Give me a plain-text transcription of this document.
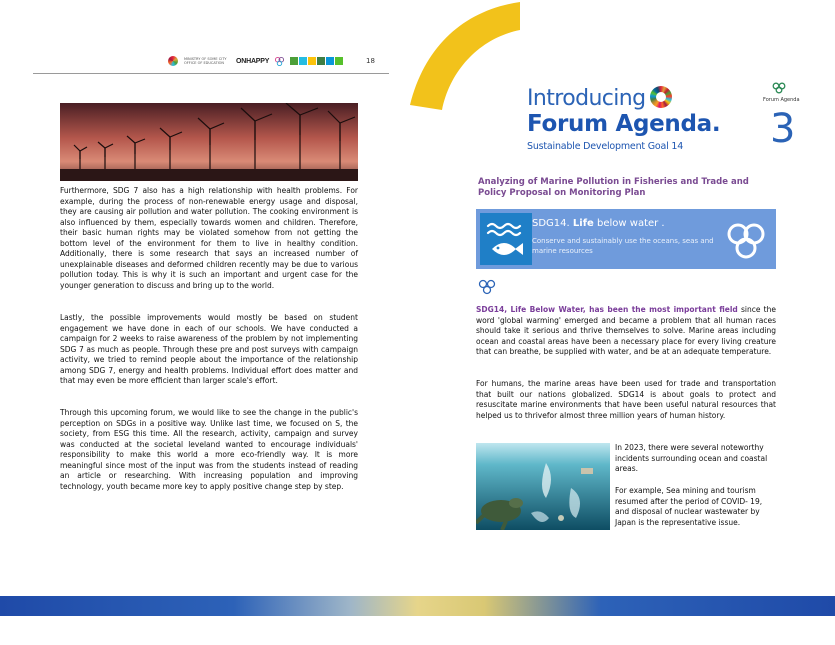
MINISTRY OF SOME CITY OFFICE OF EDUCATION	ONHAPPY	18

Furthermore, SDG 7 also has a high relationship with health problems. For example, during the process of non-renewable energy usage and disposal, they are causing air pollution and water pollution. The cooking environment is also influenced by them, especially towards women and children. Therefore, their basic human rights may be violated somehow from not getting the bottom level of the environment for them to live in healthy condition. Additionally, there is some research that says an increased number of unexplainable diseases and deformed children recently may be due to various pollution today. This is why it is such an important and urgent case for the younger generation to discuss and bring up to the world.

Lastly, the possible improvements would mostly be based on student engagement we have done in each of our schools. We have conducted a campaign for 2 weeks to raise awareness of the problem by not implementing SDG 7 as much as people. Through these pre and post surveys with campaign activity, we tried to remind people about the importance of the relationship among SDG 7, energy and health problems. Individual effort does matter and that may even be more efficient than larger scale's effort.

Through this upcoming forum, we would like to see the change in the public's perception on SDGs in a positive way. Unlike last time, we focused on S, the society, from ESG this time. All the research, activity, campaign and survey was conducted at the societal leveland wanted to encourage individuals' responsibility to make this world a more eco-friendly way. It is more meaningful since most of the input was from the students instead of reading an article or researching. With increasing population and improving technology, youth became more key to apply positive change step by step.

Introducing
Forum Agenda.
Sustainable Development Goal 14
Forum Agenda
3
Analyzing of Marine Pollution in Fisheries and Trade and Policy Proposal on Monitoring Plan
SDG14. Life below water .
Conserve and sustainably use the oceans, seas and marine resources

SDG14, Life Below Water, has been the most important field since the word 'global warming' emerged and became a problem that all human races should take it serious and thrive themselves to solve. Marine areas including ocean and coastal areas have been a necessary place for every living creature that can breathe, be supplied with water, and be at an adequate temperature.

For humans, the marine areas have been used for trade and transportation that built our nations globalized. SDG14 is about goals to protect and resuscitate marine environments that have been useful natural resources that helped us to thrivefor almost three million years of human history.

In 2023, there were several noteworthy incidents surrounding ocean and coastal areas.

For example, Sea mining and tourism resumed after the period of COVID- 19, and disposal of nuclear wastewater by Japan is the representative issue.
